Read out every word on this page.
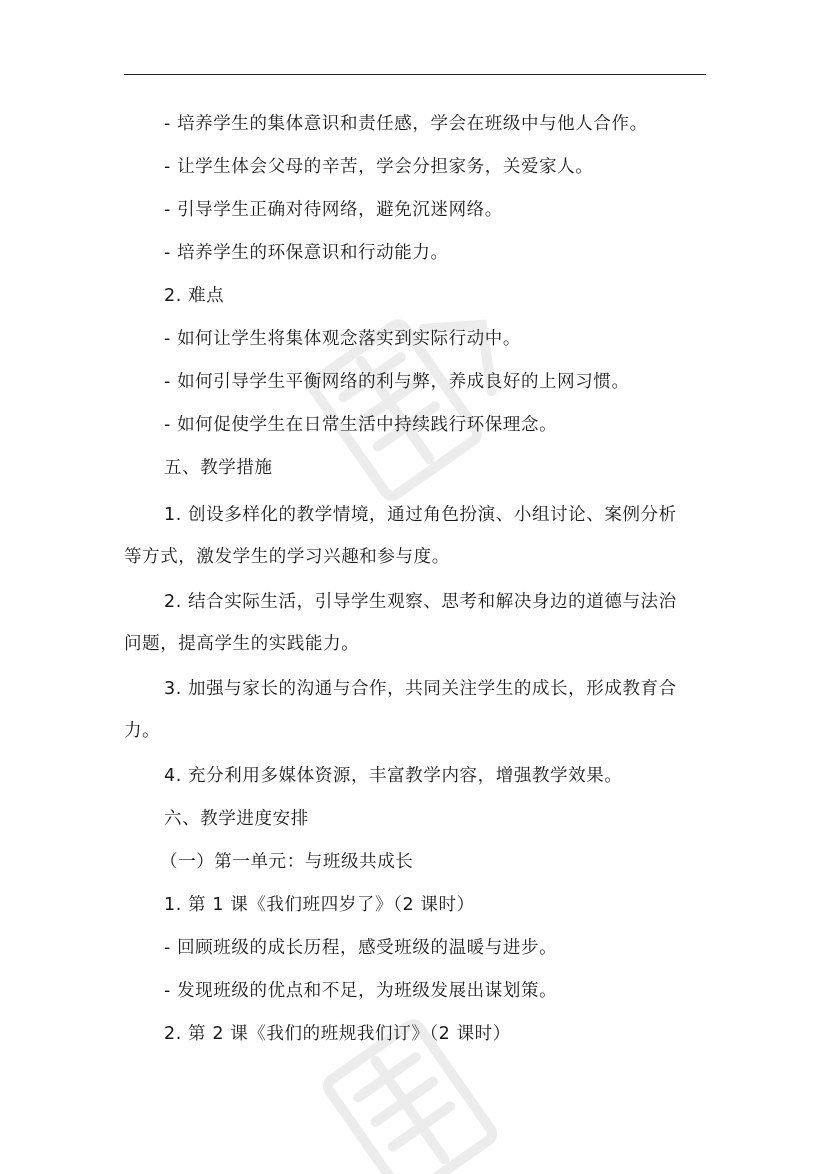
- 培养学生的集体意识和责任感，学会在班级中与他人合作。
- 让学生体会父母的辛苦，学会分担家务，关爱家人。
- 引导学生正确对待网络，避免沉迷网络。
- 培养学生的环保意识和行动能力。
2. 难点
- 如何让学生将集体观念落实到实际行动中。
- 如何引导学生平衡网络的利与弊，养成良好的上网习惯。
- 如何促使学生在日常生活中持续践行环保理念。
五、教学措施
1. 创设多样化的教学情境，通过角色扮演、小组讨论、案例分析
等方式，激发学生的学习兴趣和参与度。
2. 结合实际生活，引导学生观察、思考和解决身边的道德与法治
问题，提高学生的实践能力。
3. 加强与家长的沟通与合作，共同关注学生的成长，形成教育合
力。
4. 充分利用多媒体资源，丰富教学内容，增强教学效果。
六、教学进度安排
（一）第一单元：与班级共成长
1. 第 1 课《我们班四岁了》（2 课时）
- 回顾班级的成长历程，感受班级的温暖与进步。
- 发现班级的优点和不足，为班级发展出谋划策。
2. 第 2 课《我们的班规我们订》（2 课时）
